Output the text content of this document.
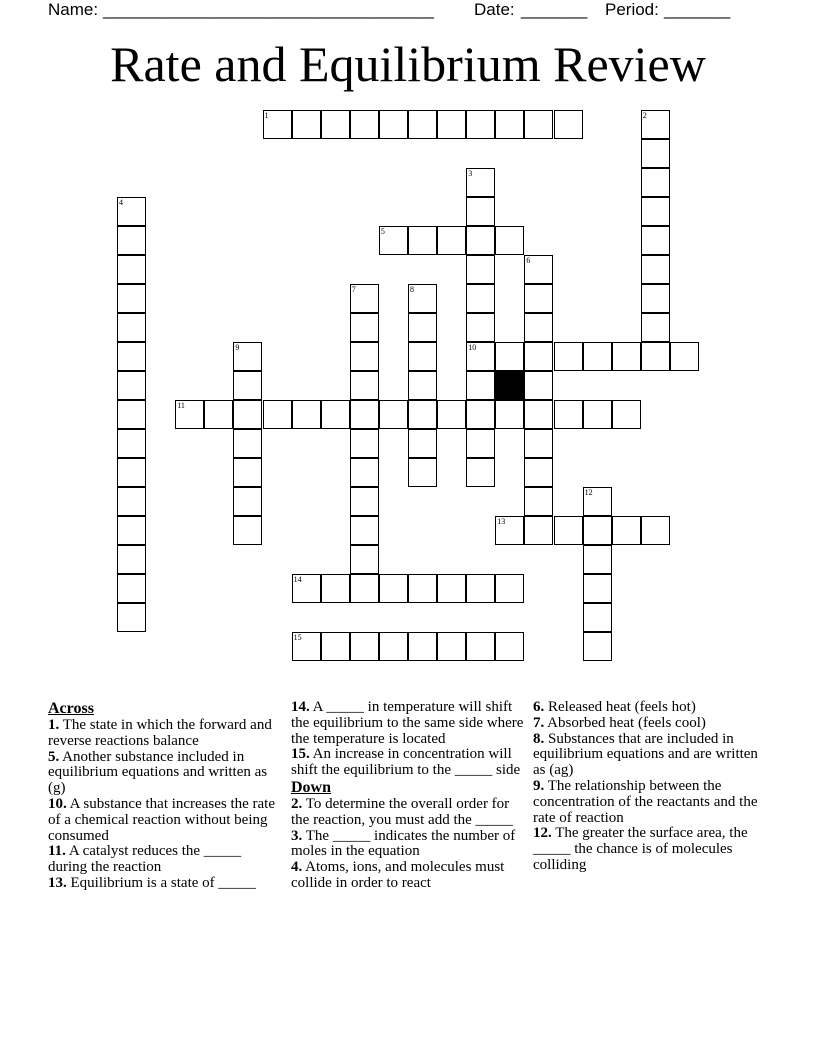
Name: ___________________________________ Date: _______ Period: _______
Rate and Equilibrium Review
1	2
3
4
5
6
7	8
9	10
11
12
13
14
15
Across
1. The state in which the forward and reverse reactions balance
5. Another substance included in equilibrium equations and written as (g)
10. A substance that increases the rate of a chemical reaction without being consumed
11. A catalyst reduces the _____ during the reaction
13. Equilibrium is a state of _____
14. A _____ in temperature will shift the equilibrium to the same side where the temperature is located
15. An increase in concentration will shift the equilibrium to the _____ side
Down
2. To determine the overall order for the reaction, you must add the _____
3. The _____ indicates the number of moles in the equation
4. Atoms, ions, and molecules must collide in order to react
6. Released heat (feels hot)
7. Absorbed heat (feels cool)
8. Substances that are included in equilibrium equations and are written as (ag)
9. The relationship between the concentration of the reactants and the rate of reaction
12. The greater the surface area, the _____ the chance is of molecules colliding
